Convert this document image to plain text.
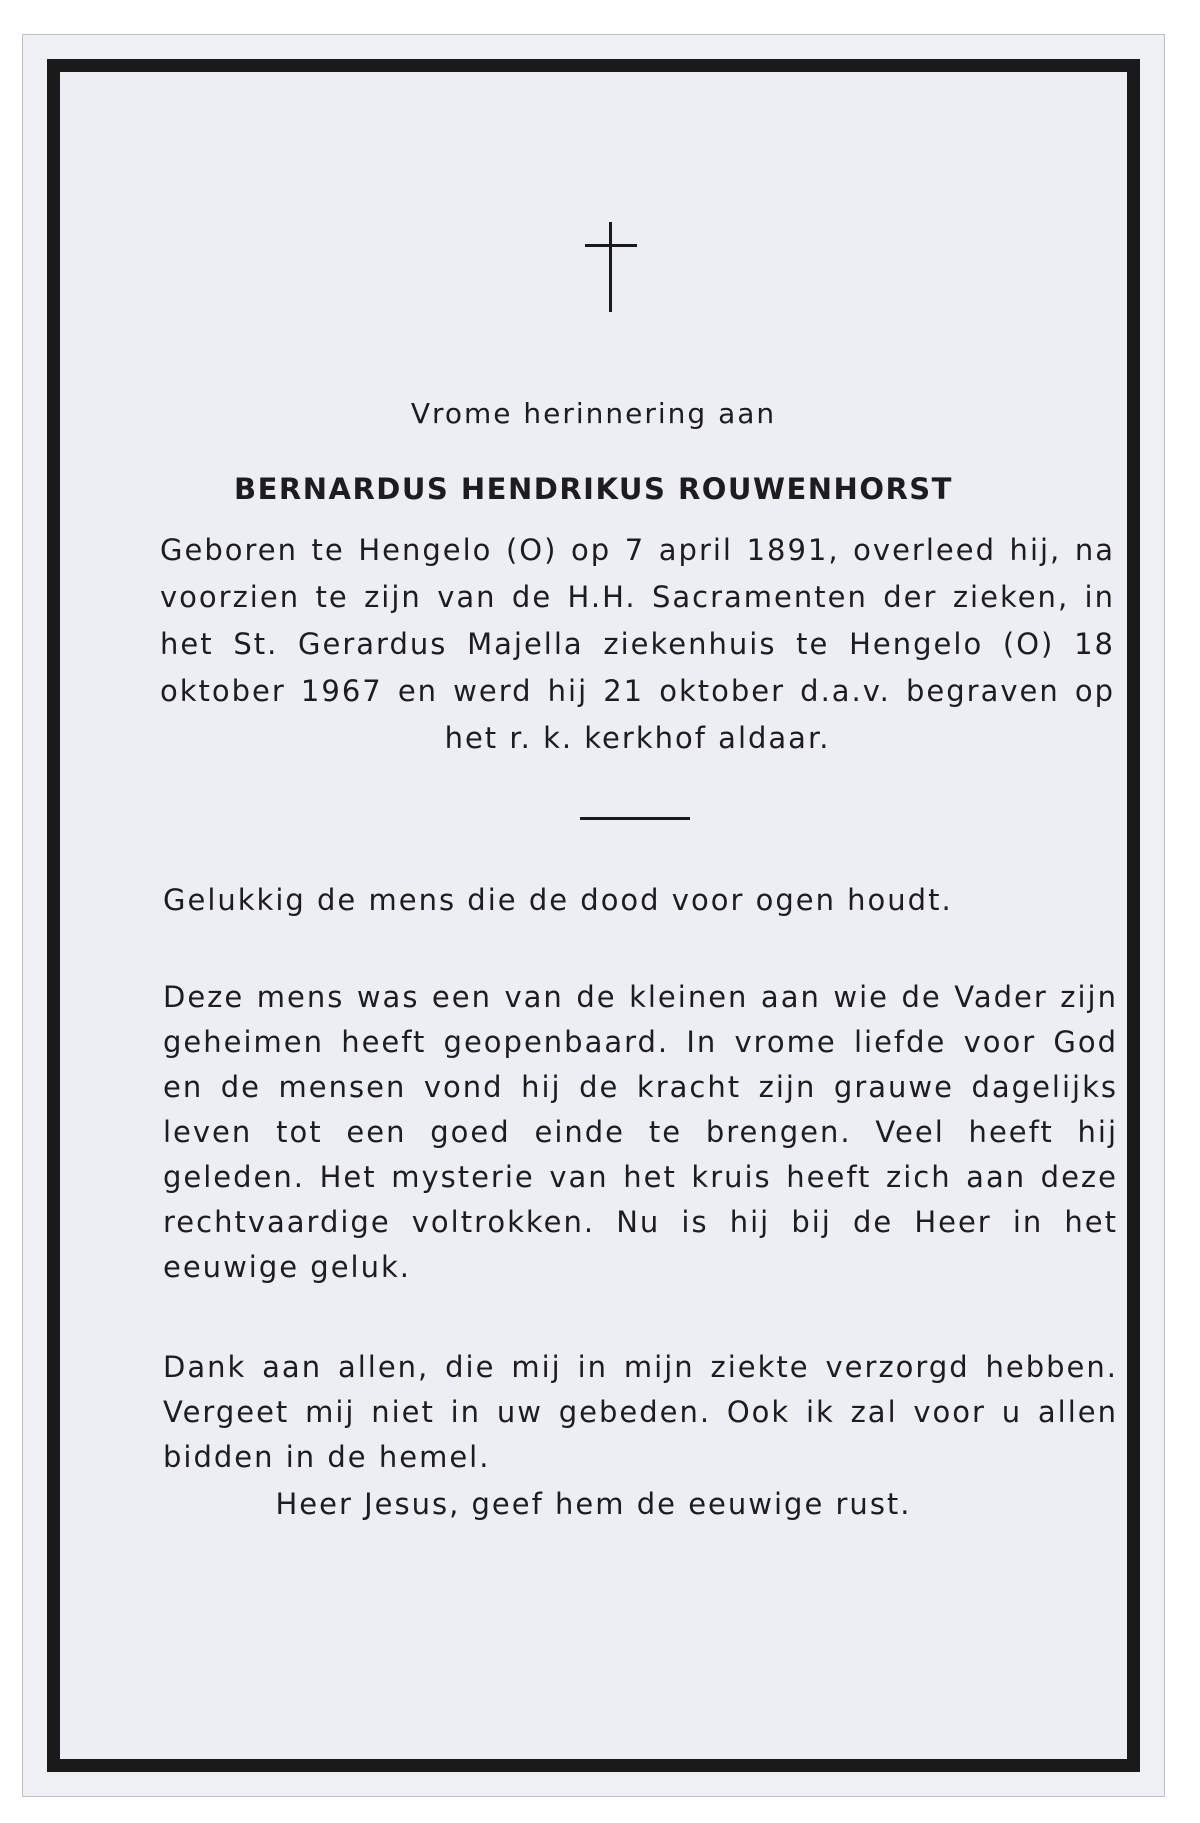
Vrome herinnering aan
BERNARDUS HENDRIKUS ROUWENHORST
Geboren te Hengelo (O) op 7 april 1891, overleed hij, na voorzien te zijn van de H.H. Sacramenten der zieken, in het St. Gerardus Majella ziekenhuis te Hengelo (O) 18 oktober 1967 en werd hij 21 oktober d.a.v. begraven op het r. k. kerkhof aldaar.
Gelukkig de mens die de dood voor ogen houdt.
Deze mens was een van de kleinen aan wie de Vader zijn geheimen heeft geopenbaard. In vrome liefde voor God en de mensen vond hij de kracht zijn grauwe dagelijks leven tot een goed einde te brengen. Veel heeft hij geleden. Het mysterie van het kruis heeft zich aan deze rechtvaardige voltrokken. Nu is hij bij de Heer in het eeuwige geluk.
Dank aan allen, die mij in mijn ziekte verzorgd hebben. Vergeet mij niet in uw gebeden. Ook ik zal voor u allen bidden in de hemel.
Heer Jesus, geef hem de eeuwige rust.
